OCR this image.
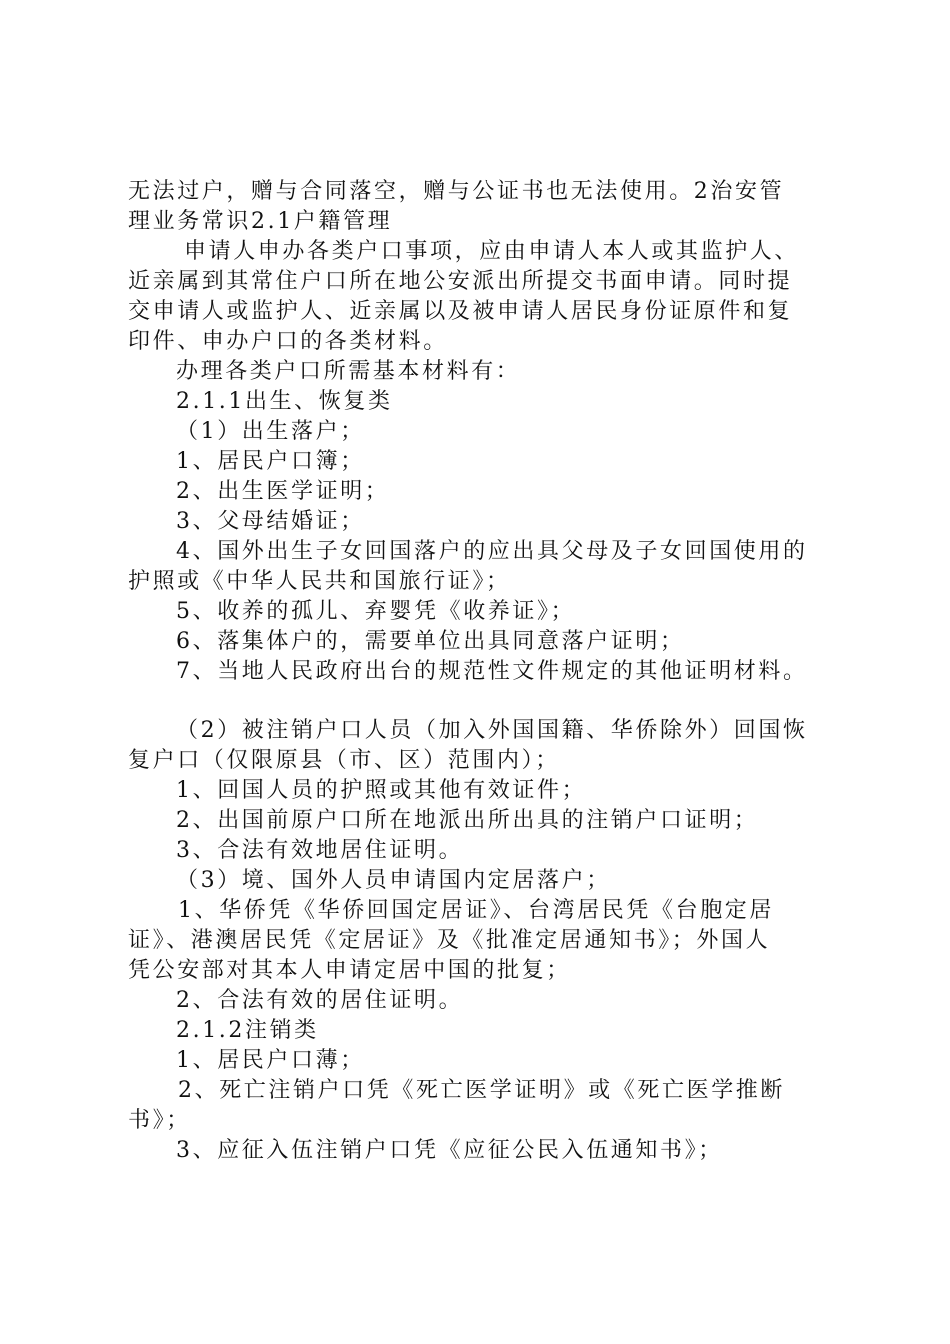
无法过户，赠与合同落空，赠与公证书也无法使用。2治安管
理业务常识2.1户籍管理
申请人申办各类户口事项，应由申请人本人或其监护人、
近亲属到其常住户口所在地公安派出所提交书面申请。同时提
交申请人或监护人、近亲属以及被申请人居民身份证原件和复
印件、申办户口的各类材料。
办理各类户口所需基本材料有：
2.1.1出生、恢复类
（1）出生落户；
1、居民户口簿；
2、出生医学证明；
3、父母结婚证；
4、国外出生子女回国落户的应出具父母及子女回国使用的
护照或《中华人民共和国旅行证》；
5、收养的孤儿、弃婴凭《收养证》；
6、落集体户的，需要单位出具同意落户证明；
7、当地人民政府出台的规范性文件规定的其他证明材料。
（2）被注销户口人员（加入外国国籍、华侨除外）回国恢
复户口（仅限原县（市、区）范围内）；
1、回国人员的护照或其他有效证件；
2、出国前原户口所在地派出所出具的注销户口证明；
3、合法有效地居住证明。
（3）境、国外人员申请国内定居落户；
1、华侨凭《华侨回国定居证》、台湾居民凭《台胞定居
证》、港澳居民凭《定居证》及《批准定居通知书》；外国人
凭公安部对其本人申请定居中国的批复；
2、合法有效的居住证明。
2.1.2注销类
1、居民户口薄；
2、死亡注销户口凭《死亡医学证明》或《死亡医学推断
书》；
3、应征入伍注销户口凭《应征公民入伍通知书》；
